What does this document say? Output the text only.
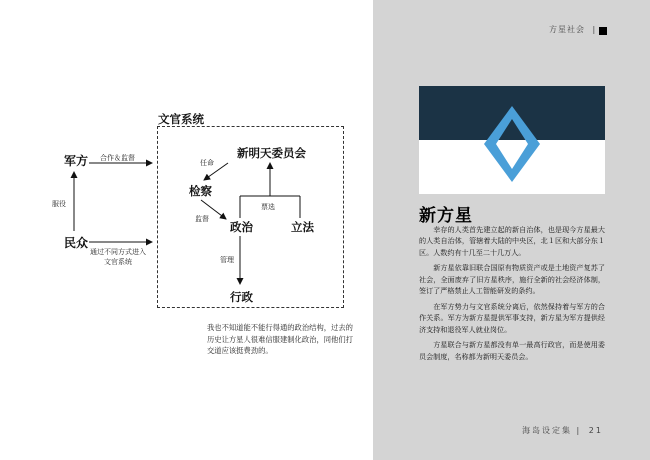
文官系统
军方
民众
新明天委员会
检察
政治	立法
行政
合作＆监督
服役
通过不同方式进入
文官系统
任命
监督
票选
管理
我也不知道能不能行得通的政治结构，过去的历史让方星人很难信服建制化政治，同他们打交道应该挺费劲的。
方星社会 |
新方星

幸存的人类首先建立起的新自治体，也是现今方星最大的人类自治体，管辖着大陆的中央区，北１区和大部分东１区。人数约有十几至二十几万人。

新方星依靠旧联合国原有物质资产或是土地资产复苏了社会，全面废弃了旧方星秩序，施行全新的社会经济体制，签订了严格禁止人工智能研发的条约。

在军方势力与文官系统分离后，依然保持着与军方的合作关系。军方为新方星提供军事支持，新方星为军方提供经济支持和退役军人就业岗位。

方星联合与新方星都没有单一最高行政官，而是使用委员会制度，名称都为新明天委员会。

海岛设定集 | 21
